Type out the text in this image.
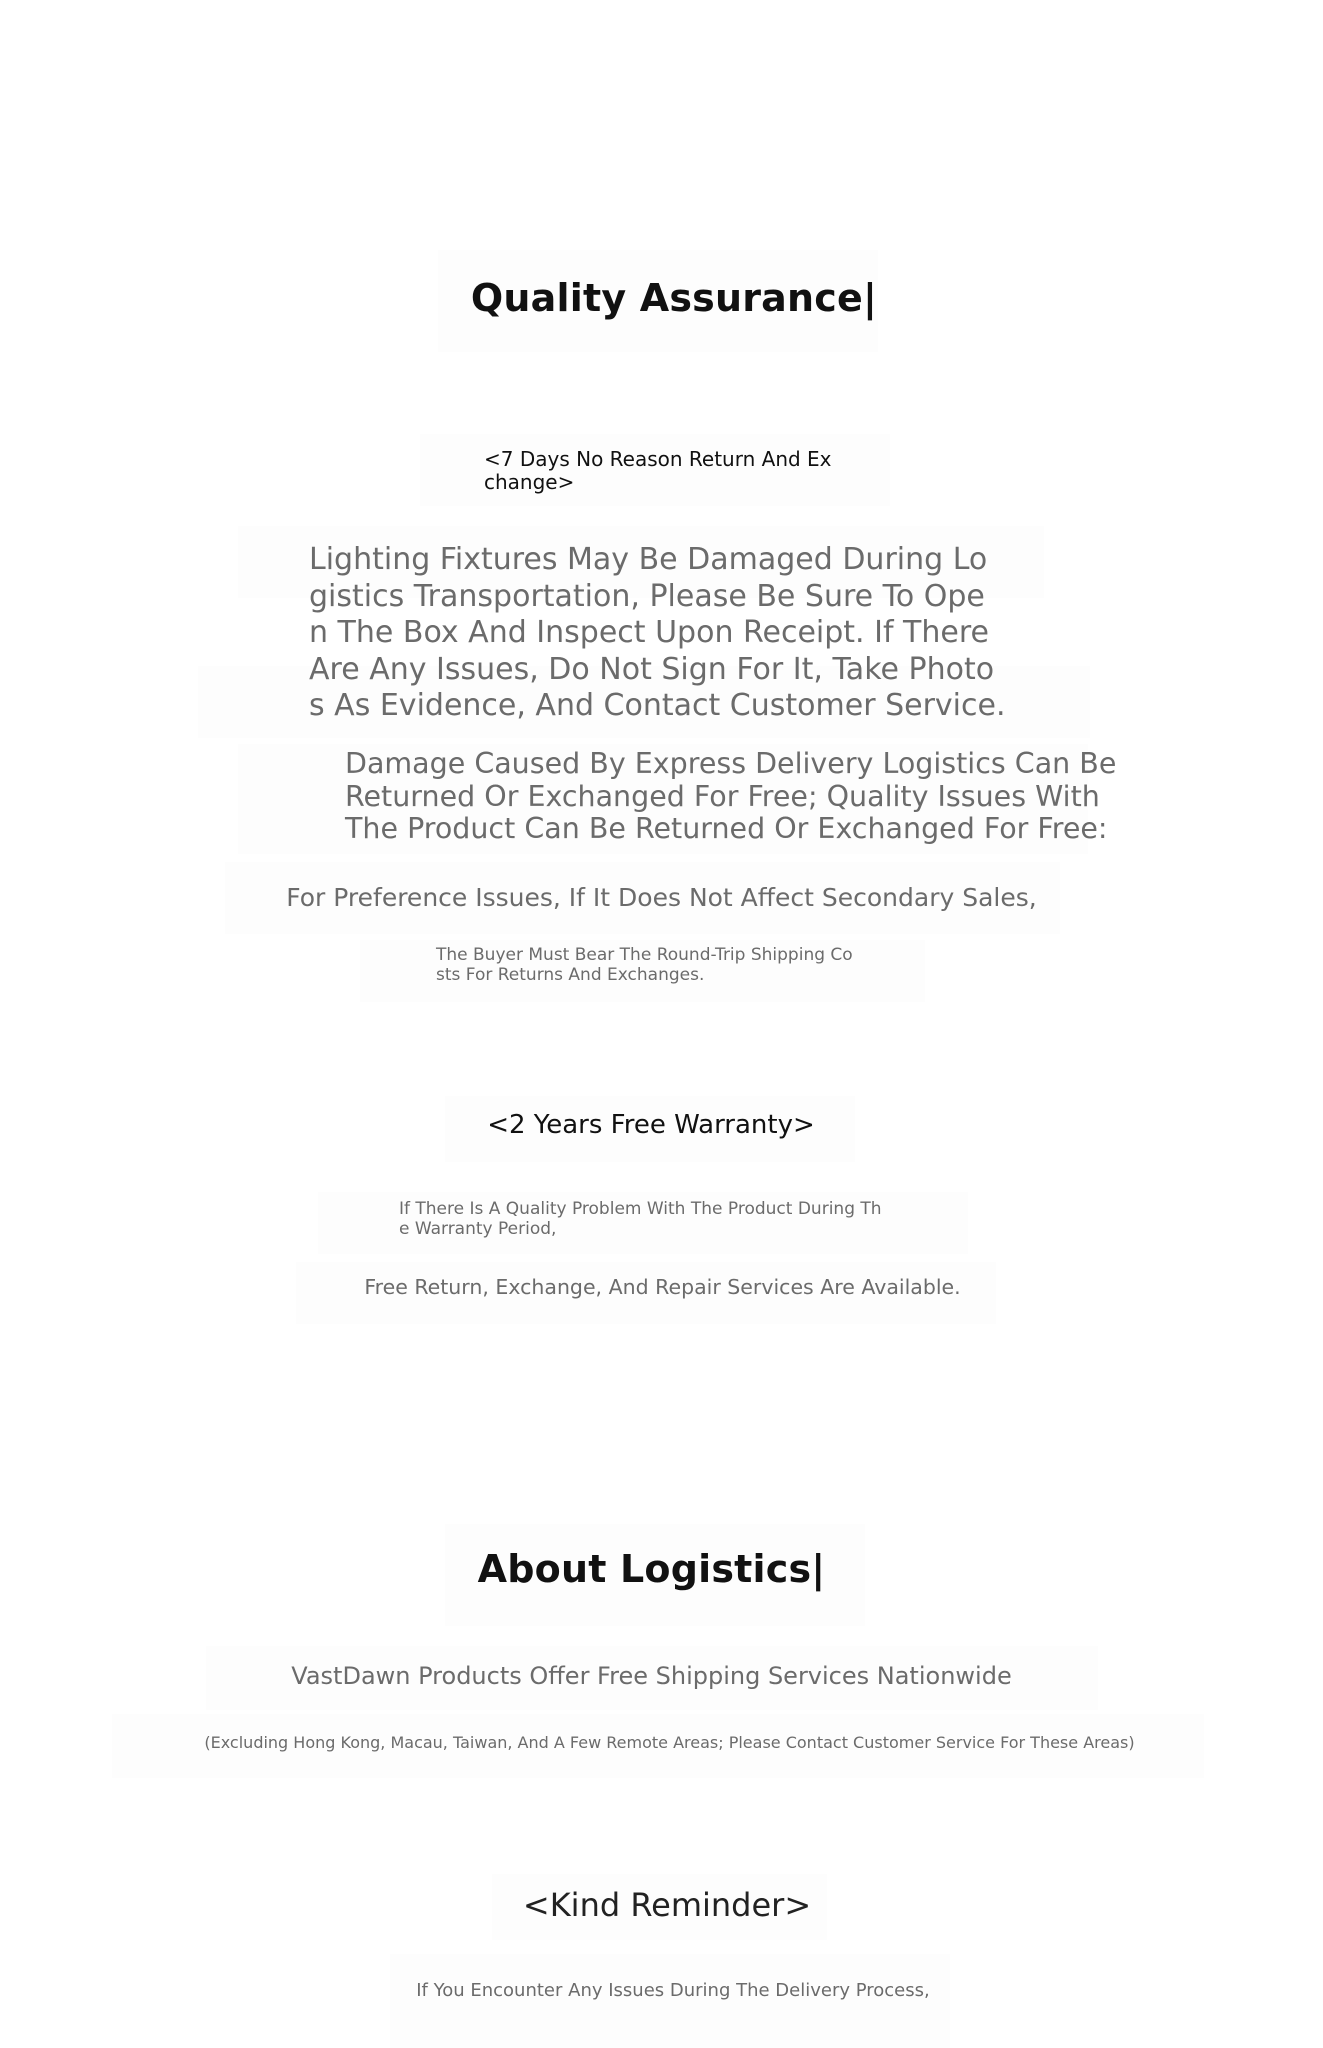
Quality Assurance|
<7 Days No Reason Return And Ex
change>
Lighting Fixtures May Be Damaged During Lo
gistics Transportation, Please Be Sure To Ope
n The Box And Inspect Upon Receipt. If There
Are Any Issues, Do Not Sign For It, Take Photo
s As Evidence, And Contact Customer Service.
Damage Caused By Express Delivery Logistics Can Be
Returned Or Exchanged For Free; Quality Issues With
The Product Can Be Returned Or Exchanged For Free:
For Preference Issues, If It Does Not Affect Secondary Sales,
The Buyer Must Bear The Round-Trip Shipping Co
sts For Returns And Exchanges.
<2 Years Free Warranty>
If There Is A Quality Problem With The Product During Th
e Warranty Period,
Free Return, Exchange, And Repair Services Are Available.
About Logistics|
VastDawn Products Offer Free Shipping Services Nationwide
(Excluding Hong Kong, Macau, Taiwan, And A Few Remote Areas; Please Contact Customer Service For These Areas)
<Kind Reminder>
If You Encounter Any Issues During The Delivery Process,
